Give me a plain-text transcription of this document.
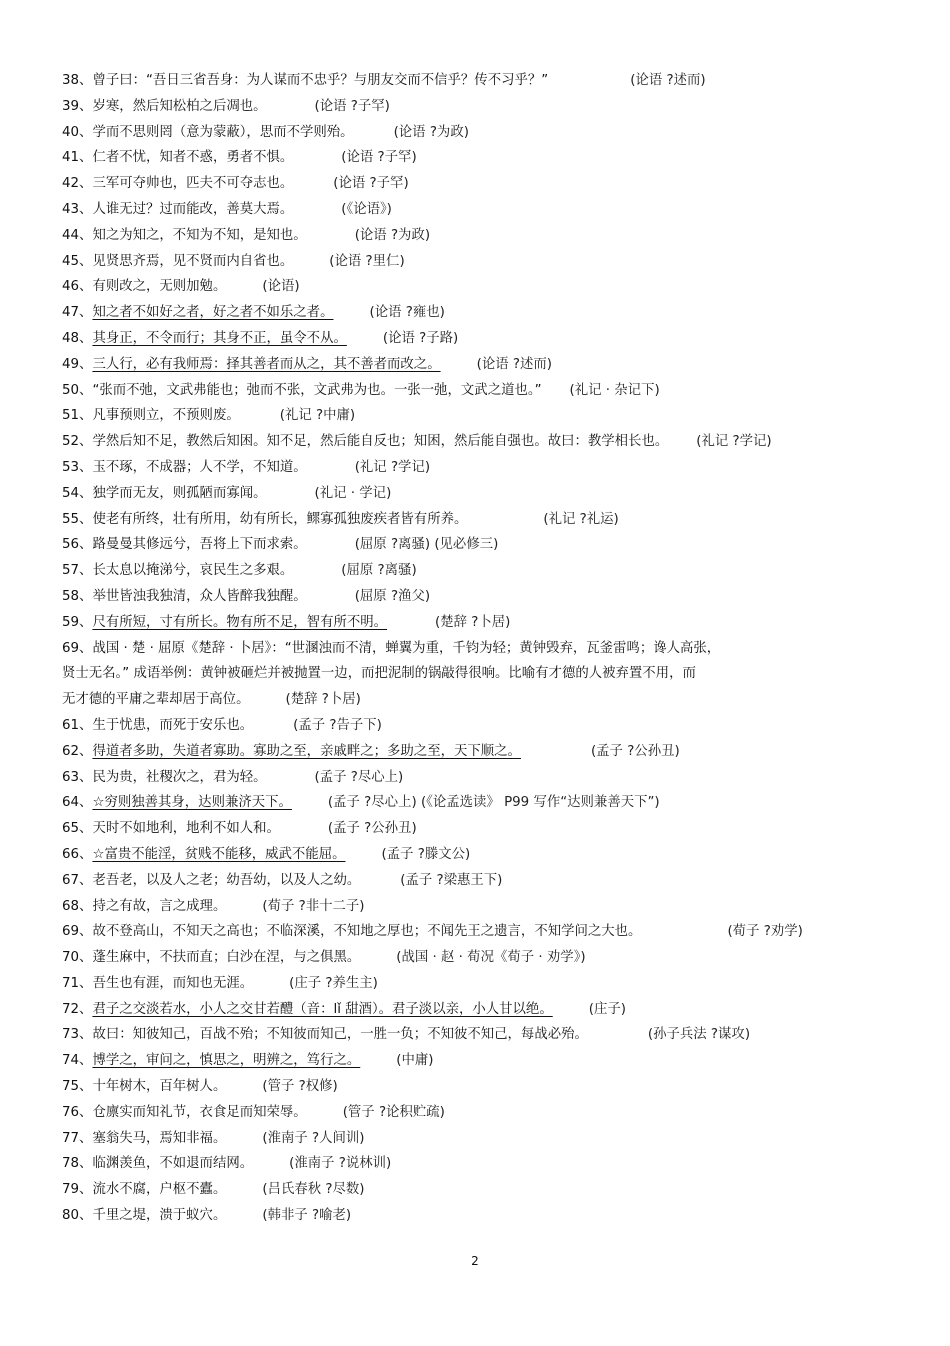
38、 曾子曰：“吾日三省吾身：为人谋而不忠乎？与朋友交而不信乎？传不习乎？”	(论语 ?述而)
39、 岁寒，然后知松柏之后凋也。	(论语 ?子罕)
40、 学而不思则罔（意为蒙蔽），思而不学则殆。	(论语 ?为政)
41、 仁者不忧，知者不惑，勇者不惧。	(论语 ?子罕)
42、 三军可夺帅也，匹夫不可夺志也。	(论语 ?子罕)
43、 人谁无过？过而能改，善莫大焉。	(《论语》)
44、 知之为知之，不知为不知，是知也。	(论语 ?为政)
45、 见贤思齐焉，见不贤而内自省也。	(论语 ?里仁)
46、 有则改之，无则加勉。	(论语)
47、 知之者不如好之者，好之者不如乐之者。	(论语 ?雍也)
48、 其身正，不令而行；其身不正，虽令不从。	(论语 ?子路)
49、 三人行，必有我师焉：择其善者而从之，其不善者而改之。	(论语 ?述而)
50、 “张而不弛，文武弗能也；弛而不张，文武弗为也。一张一弛，文武之道也。” (礼记 · 杂记下)
51、 凡事预则立，不预则废。	(礼记 ?中庸)
52、学然后知不足，教然后知困。知不足，然后能自反也；知困，然后能自强也。故曰：教学相长也。 (礼记 ?学记)
53、 玉不琢，不成器；人不学，不知道。	(礼记 ?学记)
54、 独学而无友，则孤陋而寡闻。	(礼记 · 学记)
55、 使老有所终，壮有所用，幼有所长，鳏寡孤独废疾者皆有所养。	(礼记 ?礼运)
56、 路曼曼其修远兮，吾将上下而求索。	(屈原 ?离骚) (见必修三)
57、 长太息以掩涕兮，哀民生之多艰。	(屈原 ?离骚)
58、 举世皆浊我独清，众人皆醉我独醒。	(屈原 ?渔父)
59、 尺有所短，寸有所长。物有所不足，智有所不明。	(楚辞 ?卜居)
69、 战国 · 楚 · 屈原《楚辞 · 卜居》：“世溷浊而不清，蝉翼为重，千钧为轻；黄钟毁弃，瓦釜雷鸣；谗人高张，
贤士无名。” 成语举例：黄钟被砸烂并被抛置一边，而把泥制的锅敲得很响。比喻有才德的人被弃置不用，而
无才德的平庸之辈却居于高位。	(楚辞 ?卜居)
61、 生于忧患，而死于安乐也。	(孟子 ?告子下)
62、 得道者多助，失道者寡助。寡助之至，亲戚畔之；多助之至，天下顺之。	(孟子 ?公孙丑)
63、 民为贵，社稷次之，君为轻。	(孟子 ?尽心上)
64、 ☆穷则独善其身，达则兼济天下。	(孟子 ?尽心上) (《论孟选读》 P99 写作“达则兼善天下”)
65、 天时不如地利，地利不如人和。	(孟子 ?公孙丑)
66、 ☆富贵不能淫，贫贱不能移，威武不能屈。	(孟子 ?滕文公)
67、 老吾老，以及人之老；幼吾幼，以及人之幼。	(孟子 ?梁惠王下)
68、 持之有故，言之成理。	(荀子 ?非十二子)
69、 故不登高山，不知天之高也；不临深溪，不知地之厚也；不闻先王之遗言，不知学问之大也。	(荀子 ?劝学)
70、 蓬生麻中，不扶而直；白沙在涅，与之俱黑。	(战国 · 赵 · 荀况《荀子 · 劝学》)
71、 吾生也有涯，而知也无涯。	(庄子 ?养生主)
72、 君子之交淡若水，小人之交甘若醴（音：lǐ 甜酒）。君子淡以亲，小人甘以绝。	(庄子)
73、 故曰：知彼知己，百战不殆；不知彼而知己，一胜一负；不知彼不知己，每战必殆。	(孙子兵法 ?谋攻)
74、 博学之，审问之，慎思之，明辨之，笃行之。	(中庸)
75、 十年树木，百年树人。	(管子 ?权修)
76、 仓廪实而知礼节，衣食足而知荣辱。	(管子 ?论积贮疏)
77、 塞翁失马，焉知非福。	(淮南子 ?人间训)
78、 临渊羡鱼，不如退而结网。	(淮南子 ?说林训)
79、 流水不腐，户枢不蠹。	(吕氏春秋 ?尽数)
80、 千里之堤，溃于蚁穴。	(韩非子 ?喻老)
2
